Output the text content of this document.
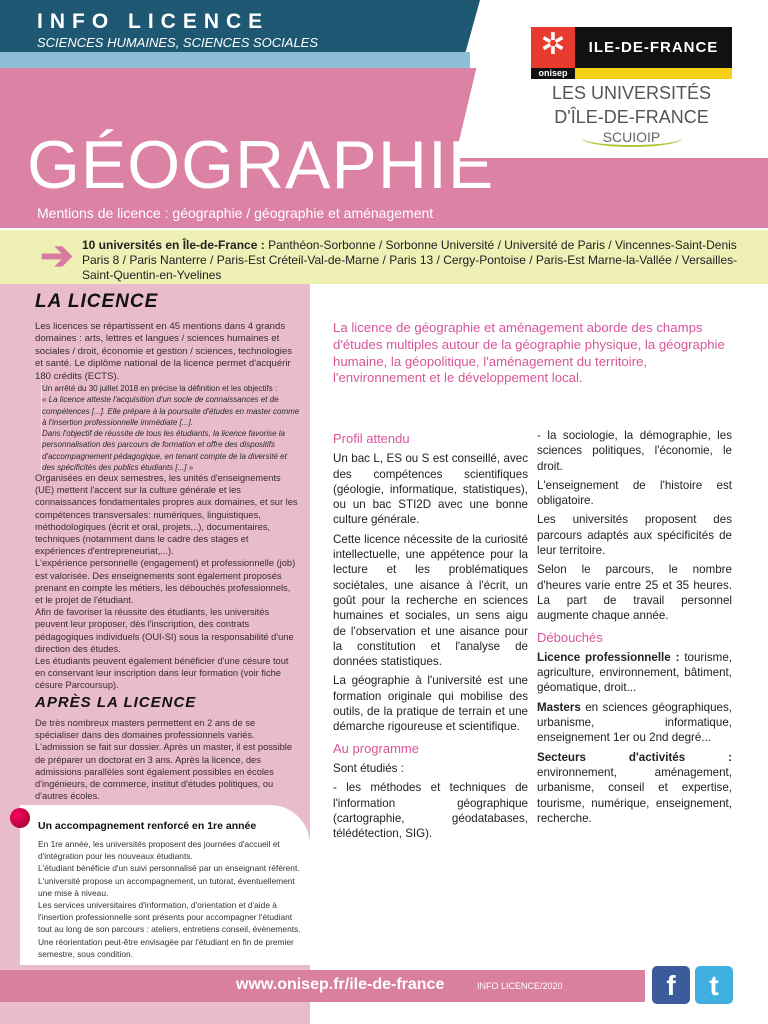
INFO LICENCE
SCIENCES HUMAINES, SCIENCES SOCIALES
GÉOGRAPHIE
Mentions de licence : géographie / géographie et aménagement
✲
onisep
ILE-DE-FRANCE
LES UNIVERSITÉS
D'ÎLE-DE-FRANCE
SCUIOIP
➔ 10 universités en Île-de-France : Panthéon-Sorbonne / Sorbonne Université / Université de Paris / Vincennes-Saint-Denis Paris 8 / Paris Nanterre / Paris-Est Créteil-Val-de-Marne / Paris 13 / Cergy-Pontoise / Paris-Est Marne-la-Vallée / Versailles-Saint-Quentin-en-Yvelines
LA LICENCE
Les licences se répartissent en 45 mentions dans 4 grands domaines : arts, lettres et langues / sciences humaines et sociales / droit, économie et gestion / sciences, technologies et santé. Le diplôme national de la licence permet d'acquérir 180 crédits (ECTS).
Un arrêté du 30 juillet 2018 en précise la définition et les objectifs :
« La licence atteste l'acquisition d'un socle de connaissances et de compétences [...]. Elle prépare à la poursuite d'études en master comme à l'insertion professionnelle immédiate [...].
Dans l'objectif de réussite de tous les étudiants, la licence favorise la personnalisation des parcours de formation et offre des dispositifs d'accompagnement pédagogique, en tenant compte de la diversité et des spécificités des publics étudiants [...] »
Organisées en deux semestres, les unités d'enseignements (UE) mettent l'accent sur la culture générale et les connaissances fondamentales propres aux domaines, et sur les compétences transversales: numériques, linguistiques, méthodologiques (écrit et oral, projets,..), documentaires, techniques (notamment dans le cadre des stages et expériences d'entrepreneuriat,...).
L'expérience personnelle (engagement) et professionnelle (job) est valorisée. Des enseignements sont également proposés prenant en compte les métiers, les débouchés professionnels, et le projet de l'étudiant.
Afin de favoriser la réussite des étudiants, les universités peuvent leur proposer, dès l'inscription, des contrats pédagogiques individuels (OUI-SI) sous la responsabilité d'une direction des études.
Les étudiants peuvent également bénéficier d'une césure tout en conservant leur inscription dans leur formation (voir fiche césure Parcoursup).
APRÈS LA LICENCE
De très nombreux masters permettent en 2 ans de se spécialiser dans des domaines professionnels variés. L'admission se fait sur dossier. Après un master, il est possible de préparer un doctorat en 3 ans. Après la licence, des admissions parallèles sont également possibles en écoles d'ingénieurs, de commerce, institut d'études politiques, ou d'autres écoles.
Un accompagnement renforcé en 1re année
En 1re année, les universités proposent des journées d'accueil et d'intégration pour les nouveaux étudiants.
L'étudiant bénéficie d'un suivi personnalisé par un enseignant référent. L'université propose un accompagnement, un tutorat, éventuellement une mise à niveau.
Les services universitaires d'information, d'orientation et d'aide à l'insertion professionnelle sont présents pour accompagner l'étudiant tout au long de son parcours : ateliers, entretiens conseil, évènements. Une réorientation peut-être envisagée par l'étudiant en fin de premier semestre, sous condition.
La licence de géographie et aménagement aborde des champs d'études multiples autour de la géographie physique, la géographie humaine, la géopolitique, l'aménagement du territoire, l'environnement et le développement local.
Profil attendu

Un bac L, ES ou S est conseillé, avec des compétences scientifiques (géologie, informatique, statistiques), ou un bac STI2D avec une bonne culture générale.

Cette licence nécessite de la curiosité intellectuelle, une appétence pour la lecture et les problématiques sociétales, une aisance à l'écrit, un goût pour la recherche en sciences humaines et sociales, un sens aigu de l'observation et une aisance pour la constitution et l'analyse de données statistiques.

La géographie à l'université est une formation originale qui mobilise des outils, de la pratique de terrain et une démarche rigoureuse et scientifique.

Au programme

Sont étudiés :

- les méthodes et techniques de l'information géographique (cartographie, géodatabases, télédétection, SIG).

- la sociologie, la démographie, les sciences politiques, l'économie, le droit.

L'enseignement de l'histoire est obligatoire.

Les universités proposent des parcours adaptés aux spécificités de leur territoire.

Selon le parcours, le nombre d'heures varie entre 25 et 35 heures. La part de travail personnel augmente chaque année.

Débouchés

Licence professionnelle : tourisme, agriculture, environnement, bâtiment, géomatique, droit...

Masters en sciences géographiques, urbanisme, informatique, enseignement 1er ou 2nd degré...

Secteurs d'activités : environnement, aménagement, urbanisme, conseil et expertise, tourisme, numérique, enseignement, recherche.

www.onisep.fr/ile-de-france	INFO LICENCE/2020	f	t
